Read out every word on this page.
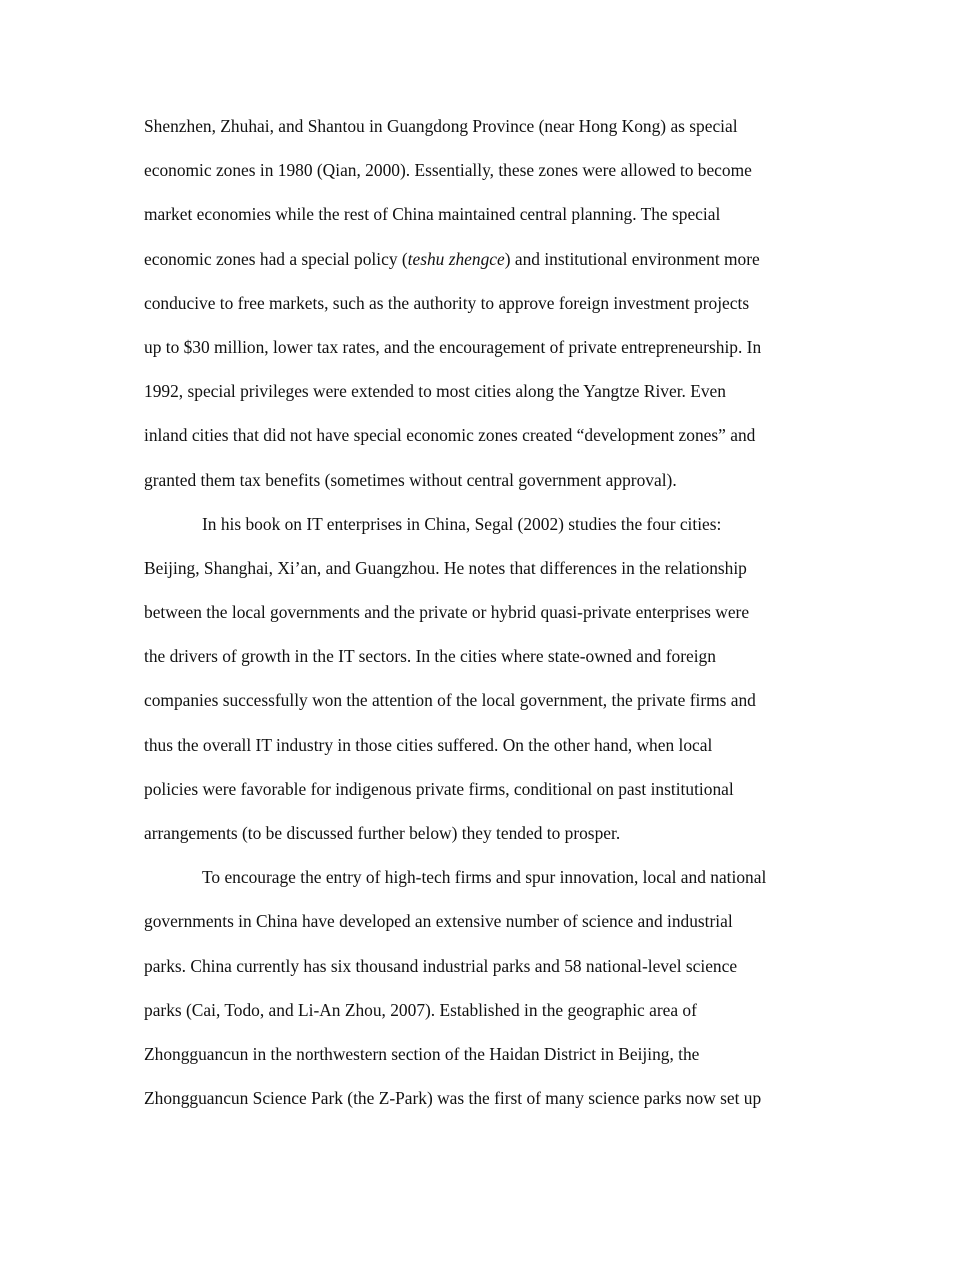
Shenzhen, Zhuhai, and Shantou in Guangdong Province (near Hong Kong) as special
economic zones in 1980 (Qian, 2000). Essentially, these zones were allowed to become
market economies while the rest of China maintained central planning. The special
economic zones had a special policy (teshu zhengce) and institutional environment more
conducive to free markets, such as the authority to approve foreign investment projects
up to $30 million, lower tax rates, and the encouragement of private entrepreneurship. In
1992, special privileges were extended to most cities along the Yangtze River. Even
inland cities that did not have special economic zones created “development zones” and
granted them tax benefits (sometimes without central government approval).
In his book on IT enterprises in China, Segal (2002) studies the four cities:
Beijing, Shanghai, Xi’an, and Guangzhou. He notes that differences in the relationship
between the local governments and the private or hybrid quasi-private enterprises were
the drivers of growth in the IT sectors. In the cities where state-owned and foreign
companies successfully won the attention of the local government, the private firms and
thus the overall IT industry in those cities suffered. On the other hand, when local
policies were favorable for indigenous private firms, conditional on past institutional
arrangements (to be discussed further below) they tended to prosper.
To encourage the entry of high-tech firms and spur innovation, local and national
governments in China have developed an extensive number of science and industrial
parks. China currently has six thousand industrial parks and 58 national-level science
parks (Cai, Todo, and Li-An Zhou, 2007). Established in the geographic area of
Zhongguancun in the northwestern section of the Haidan District in Beijing, the
Zhongguancun Science Park (the Z-Park) was the first of many science parks now set up
